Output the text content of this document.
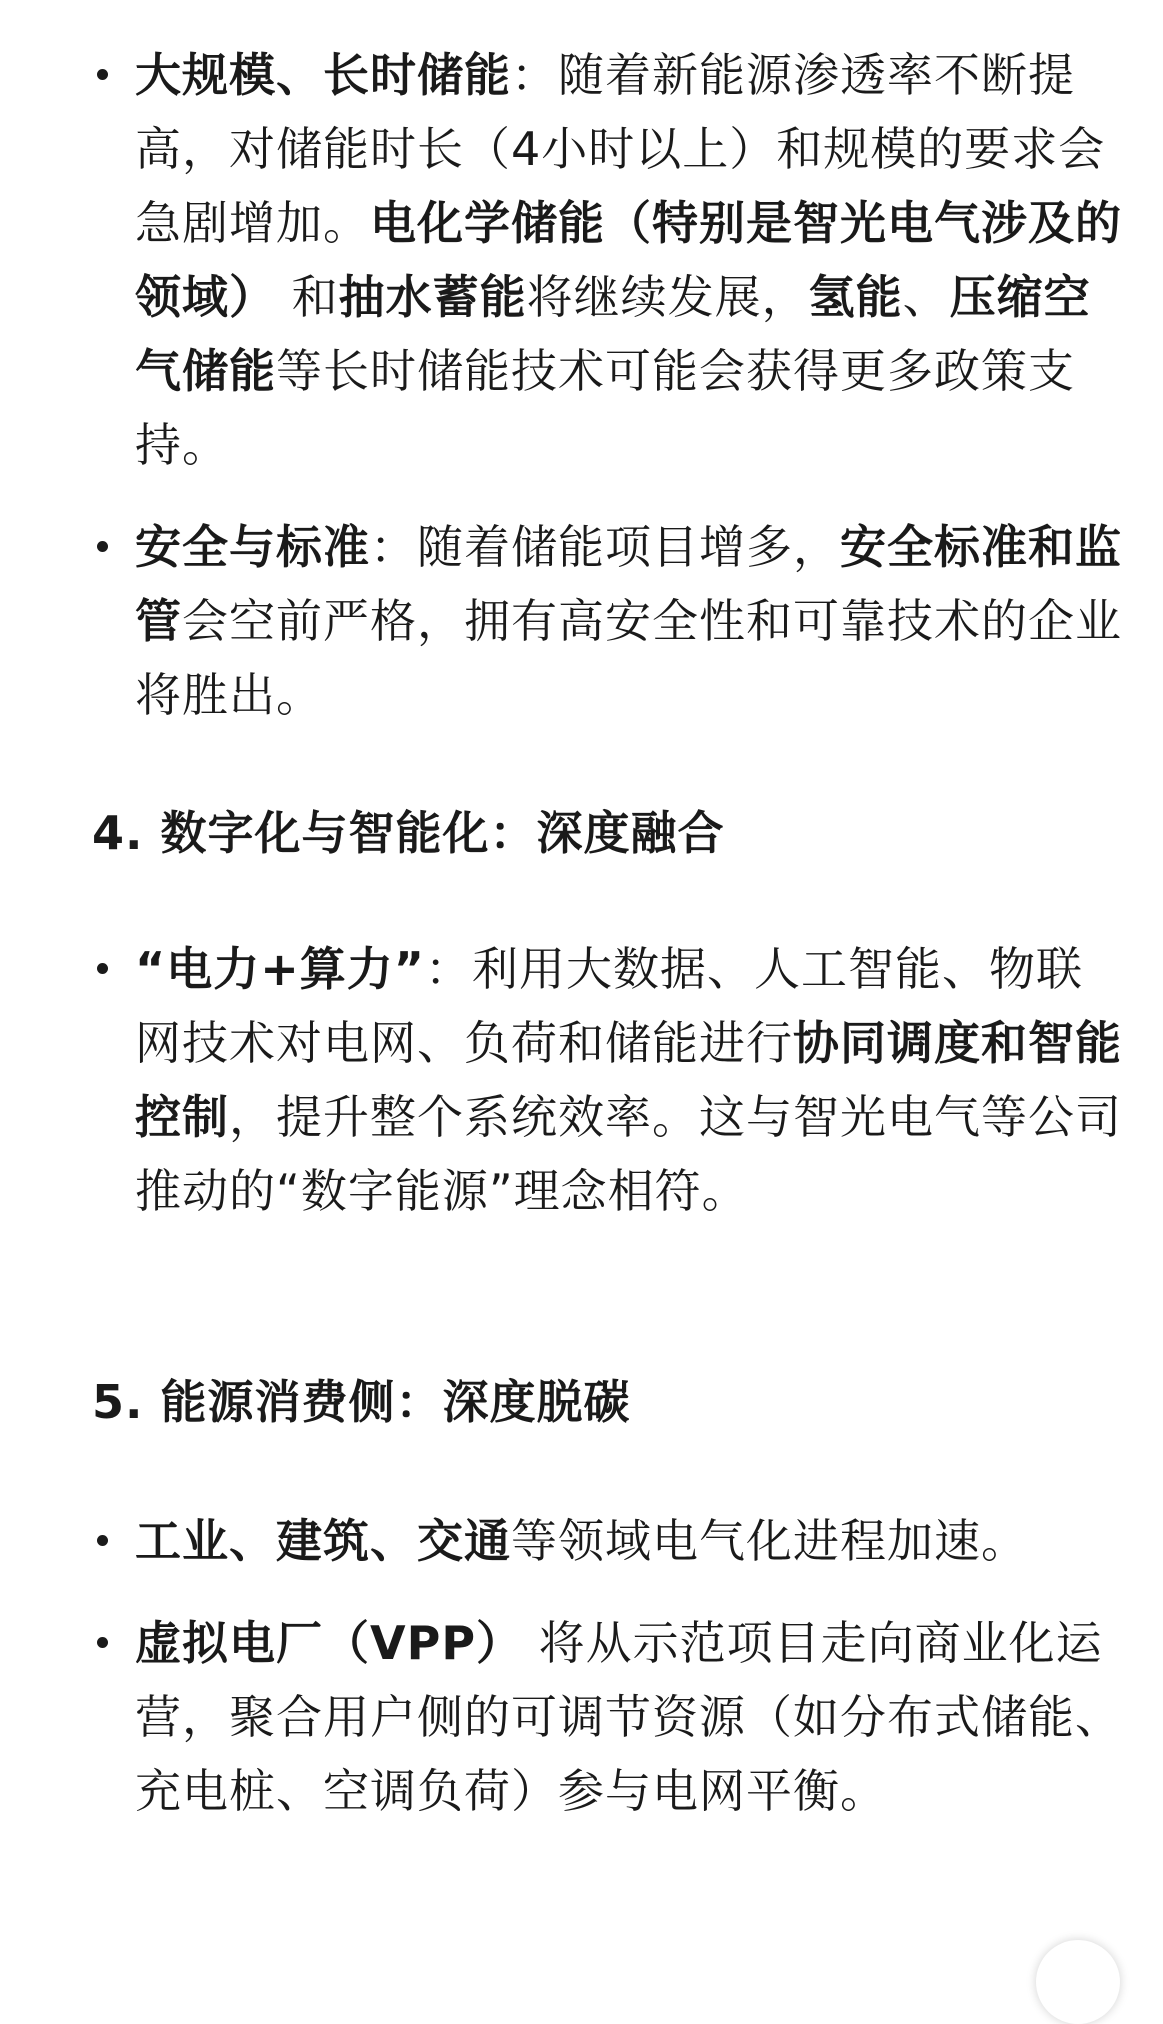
大规模、长时储能：随着新能源渗透率不断提高，对储能时长（4小时以上）和规模的要求会急剧增加。电化学储能（特别是智光电气涉及的领域） 和抽水蓄能将继续发展，氢能、压缩空气储能等长时储能技术可能会获得更多政策支持。
安全与标准：随着储能项目增多，安全标准和监管会空前严格，拥有高安全性和可靠技术的企业将胜出。
4. 数字化与智能化：深度融合
“电力+算力”：利用大数据、人工智能、物联网技术对电网、负荷和储能进行协同调度和智能控制，提升整个系统效率。这与智光电气等公司推动的“数字能源”理念相符。
5. 能源消费侧：深度脱碳
工业、建筑、交通等领域电气化进程加速。
虚拟电厂（VPP） 将从示范项目走向商业化运营，聚合用户侧的可调节资源（如分布式储能、充电桩、空调负荷）参与电网平衡。
